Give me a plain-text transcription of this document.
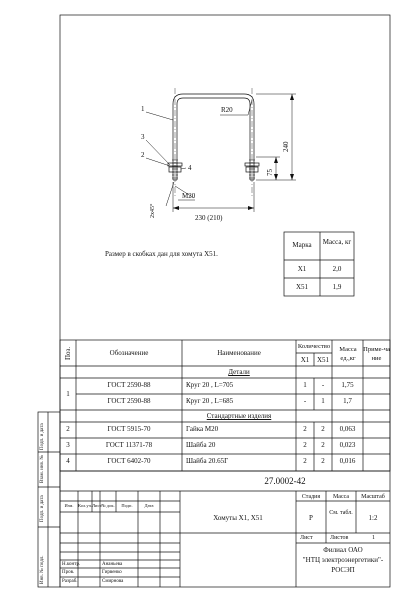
1
3
2
4
R20
240
75
2x45°
M20
230 (210)
Размер в скобках дан для хомута Х51.
Марка	Масса, кг
Х1	2,0
Х51	1,9
Поз.	Обозначение	Наименование
Количество
Х1	Х51
Масса ед.,кг
Приме-чание
Детали
Стандартные изделия
1
ГОСТ 2590-88	Круг 20 , L=705	1	-	1,75
ГОСТ 2590-88	Круг 20 , L=685	-	1	1,7
2	ГОСТ 5915-70	Гайка М20	2	2	0,063
3	ГОСТ 11371-78	Шайба 20	2	2	0,023
4	ГОСТ 6402-70	Шайба 20.65Г	2	2	0,016
27.0002-42
Изм.	Кол.уч. Лист № док.	Подп.	Дата
Хомуты Х1, Х51
Стадия	Масса	Масштаб
Р
См. табл.
1:2
Лист	Листов	1
Н.контр.	Ананьева
Пров.	Гирвенко
Разраб.	Смирнова
Филиал ОАО
"НТЦ электроэнергетики"-
РОСЭП
Инв. № подл.
Подп. и дата
Взам. инв. №
Подп. и дата
